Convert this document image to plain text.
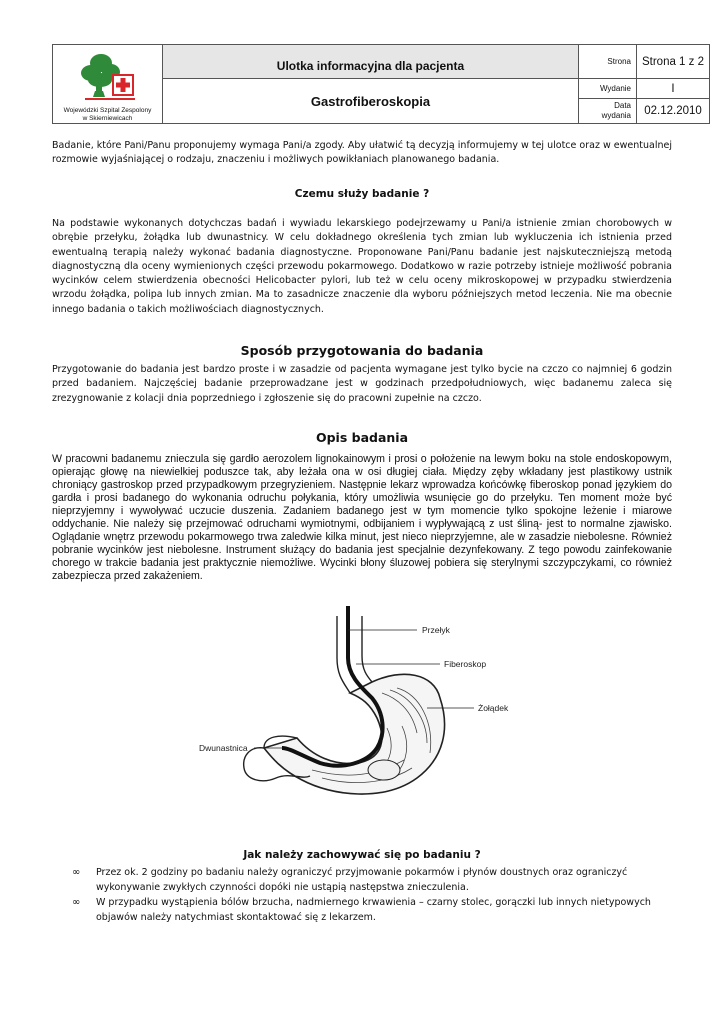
Wojewódzki Szpital Zespolony
w Skierniewicach
Ulotka informacyjna dla pacjenta
Gastrofiberoskopia
Strona Strona 1 z 2
Wydanie	I
Data
wydania	02.12.2010

Badanie, które Pani/Panu proponujemy wymaga Pani/a zgody. Aby ułatwić tą decyzją informujemy w tej ulotce oraz w ewentualnej rozmowie wyjaśniającej o rodzaju, znaczeniu i możliwych powikłaniach planowanego badania.

Czemu służy badanie ?

Na podstawie wykonanych dotychczas badań i wywiadu lekarskiego podejrzewamy u Pani/a istnienie zmian chorobowych w obrębie przełyku, żołądka lub dwunastnicy. W celu dokładnego określenia tych zmian lub wykluczenia ich istnienia przed ewentualną terapią należy wykonać badania diagnostyczne. Proponowane Pani/Panu badanie jest najskuteczniejszą metodą diagnostyczną dla oceny wymienionych części przewodu pokarmowego. Dodatkowo w razie potrzeby istnieje możliwość pobrania wycinków celem stwierdzenia obecności Helicobacter pylori, lub też w celu oceny mikroskopowej w przypadku stwierdzenia wrzodu żołądka, polipa lub innych zmian. Ma to zasadnicze znaczenie dla wyboru późniejszych metod leczenia. Nie ma obecnie innego badania o takich możliwościach diagnostycznych.

Sposób przygotowania do badania

Przygotowanie do badania jest bardzo proste i w zasadzie od pacjenta wymagane jest tylko bycie na czczo co najmniej 6 godzin przed badaniem. Najczęściej badanie przeprowadzane jest w godzinach przedpołudniowych, więc badanemu zaleca się zrezygnowanie z kolacji dnia poprzedniego i zgłoszenie się do pracowni zupełnie na czczo.

Opis badania

W pracowni badanemu znieczula się gardło aerozolem lignokainowym i prosi o położenie na lewym boku na stole endoskopowym, opierając głowę na niewielkiej poduszce tak, aby leżała ona w osi długiej ciała. Między zęby wkładany jest plastikowy ustnik chroniący gastroskop przed przypadkowym przegryzieniem. Następnie lekarz wprowadza końcówkę fiberoskop ponad językiem do gardła i prosi badanego do wykonania odruchu połykania, który umożliwia wsunięcie go do przełyku. Ten moment może być nieprzyjemny i wywoływać uczucie duszenia. Zadaniem badanego jest w tym momencie tylko spokojne leżenie i miarowe oddychanie. Nie należy się przejmować odruchami wymiotnymi, odbijaniem i wypływającą z ust śliną- jest to normalne zjawisko. Oglądanie wnętrz przewodu pokarmowego trwa zaledwie kilka minut, jest nieco nieprzyjemne, ale w zasadzie niebolesne. Również pobranie wycinków jest niebolesne. Instrument służący do badania jest specjalnie dezynfekowany. Z tego powodu zainfekowanie chorego w trakcie badania jest praktycznie niemożliwe. Wycinki błony śluzowej pobiera się sterylnymi szczypczykami, co również zabezpiecza przed zakażeniem.

Przełyk
Fiberoskop
Żołądek
Dwunastnica

Jak należy zachowywać się po badaniu ?

∞ Przez ok. 2 godziny po badaniu należy ograniczyć przyjmowanie pokarmów i płynów doustnych oraz ograniczyć wykonywanie zwykłych czynności dopóki nie ustąpią następstwa znieczulenia.
∞ W przypadku wystąpienia bólów brzucha, nadmiernego krwawienia – czarny stolec, gorączki lub innych nietypowych objawów należy natychmiast skontaktować się z lekarzem.
